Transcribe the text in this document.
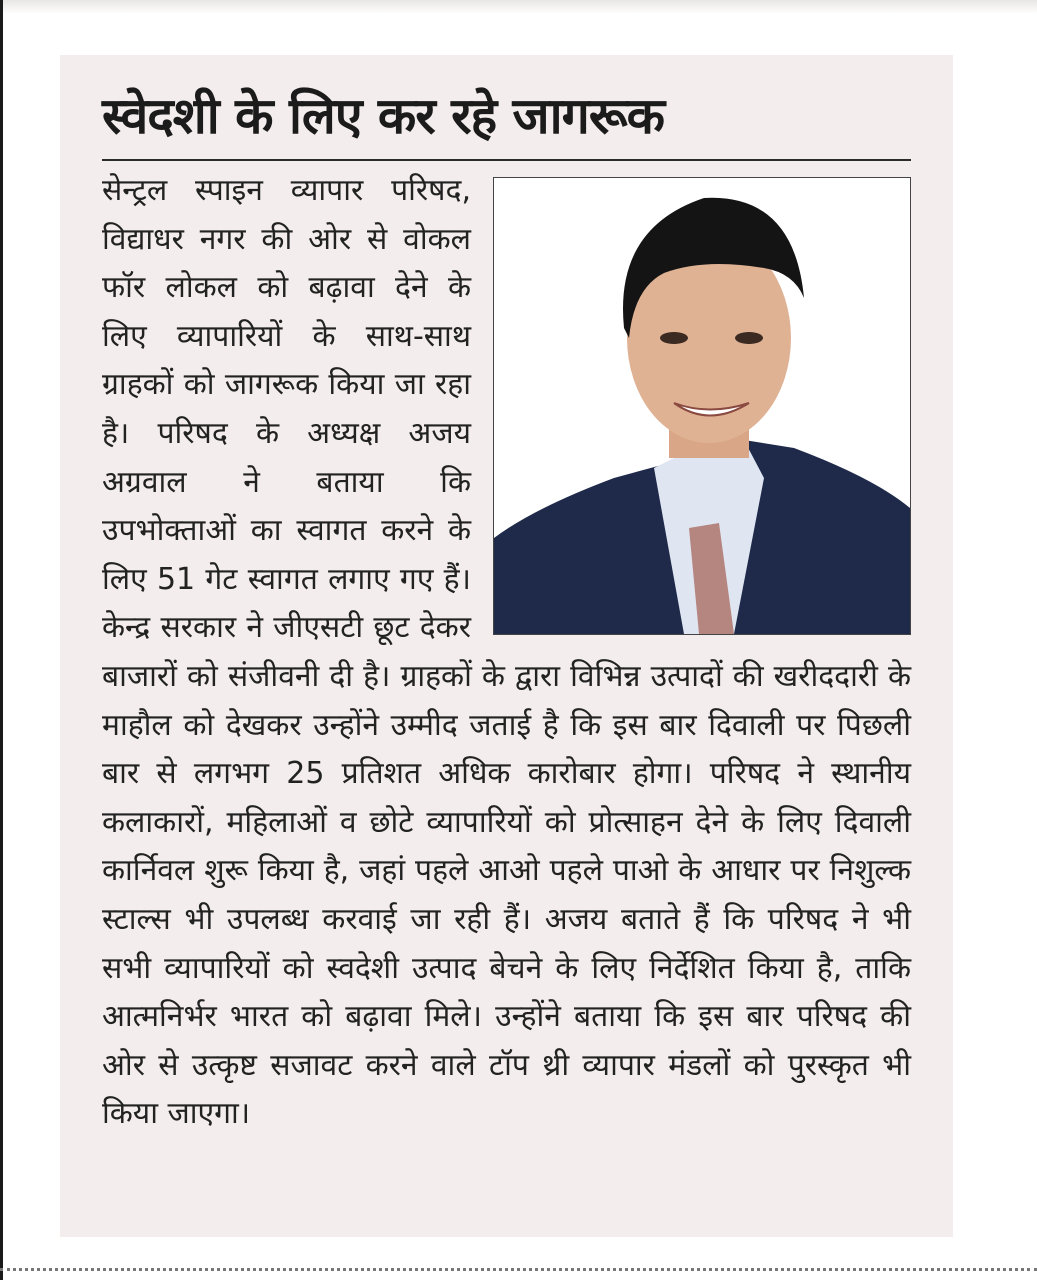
स्वेदशी के लिए कर रहे जागरूक

सेन्ट्रल स्पाइन व्यापार परिषद, विद्याधर नगर की ओर से वोकल फॉर लोकल को बढ़ावा देने के लिए व्यापारियों के साथ-साथ ग्राहकों को जागरूक किया जा रहा है। परिषद के अध्यक्ष अजय अग्रवाल ने बताया कि उपभोक्ताओं का स्वागत करने के लिए 51 गेट स्वागत लगाए गए हैं। केन्द्र सरकार ने जीएसटी छूट देकर बाजारों को संजीवनी दी है। ग्राहकों के द्वारा विभिन्न उत्पादों की खरीददारी के माहौल को देखकर उन्होंने उम्मीद जताई है कि इस बार दिवाली पर पिछली बार से लगभग 25 प्रतिशत अधिक कारोबार होगा। परिषद ने स्थानीय कलाकारों, महिलाओं व छोटे व्यापारियों को प्रोत्साहन देने के लिए दिवाली कार्निवल शुरू किया है, जहां पहले आओ पहले पाओ के आधार पर निशुल्क स्टाल्स भी उपलब्ध करवाई जा रही हैं। अजय बताते हैं कि परिषद ने भी सभी व्यापारियों को स्वदेशी उत्पाद बेचने के लिए निर्देशित किया है, ताकि आत्मनिर्भर भारत को बढ़ावा मिले। उन्होंने बताया कि इस बार परिषद की ओर से उत्कृष्ट सजावट करने वाले टॉप थ्री व्यापार मंडलों को पुरस्कृत भी किया जाएगा।
